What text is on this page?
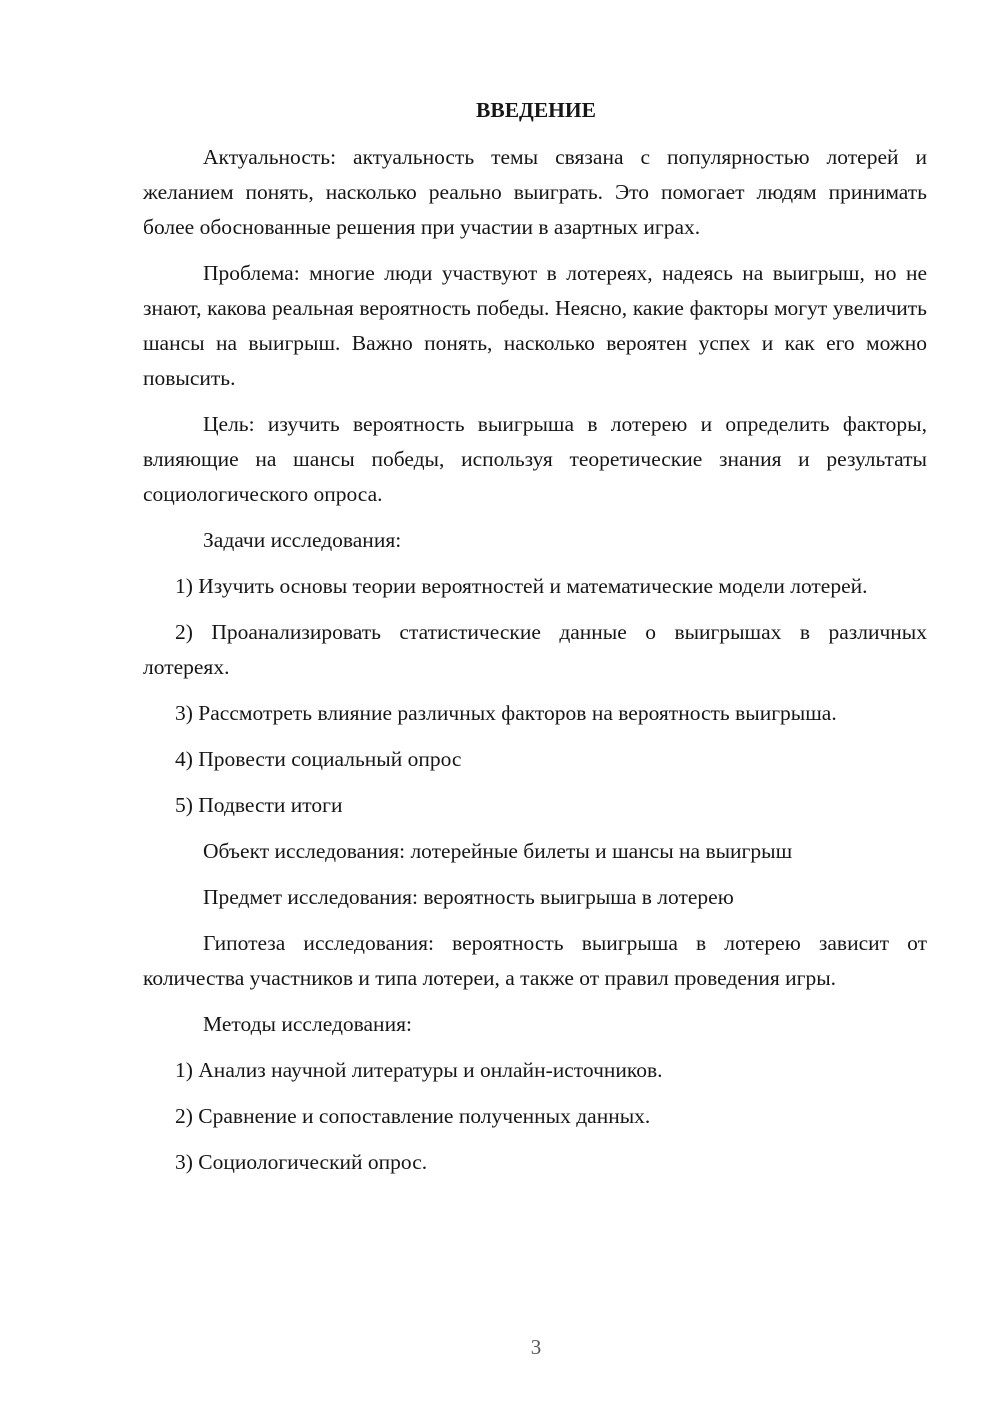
ВВЕДЕНИЕ

Актуальность: актуальность темы связана с популярностью лотерей и желанием понять, насколько реально выиграть. Это помогает людям принимать более обоснованные решения при участии в азартных играх.

Проблема: многие люди участвуют в лотереях, надеясь на выигрыш, но не знают, какова реальная вероятность победы. Неясно, какие факторы могут увеличить шансы на выигрыш. Важно понять, насколько вероятен успех и как его можно повысить.

Цель: изучить вероятность выигрыша в лотерею и определить факторы, влияющие на шансы победы, используя теоретические знания и результаты социологического опроса.

Задачи исследования:

1) Изучить основы теории вероятностей и математические модели лотерей.

2) Проанализировать статистические данные о выигрышах в различных лотереях.

3) Рассмотреть влияние различных факторов на вероятность выигрыша.

4) Провести социальный опрос

5) Подвести итоги

Объект исследования: лотерейные билеты и шансы на выигрыш

Предмет исследования: вероятность выигрыша в лотерею

Гипотеза исследования: вероятность выигрыша в лотерею зависит от количества участников и типа лотереи, а также от правил проведения игры.

Методы исследования:

1) Анализ научной литературы и онлайн-источников.

2) Сравнение и сопоставление полученных данных.

3) Социологический опрос.

3
